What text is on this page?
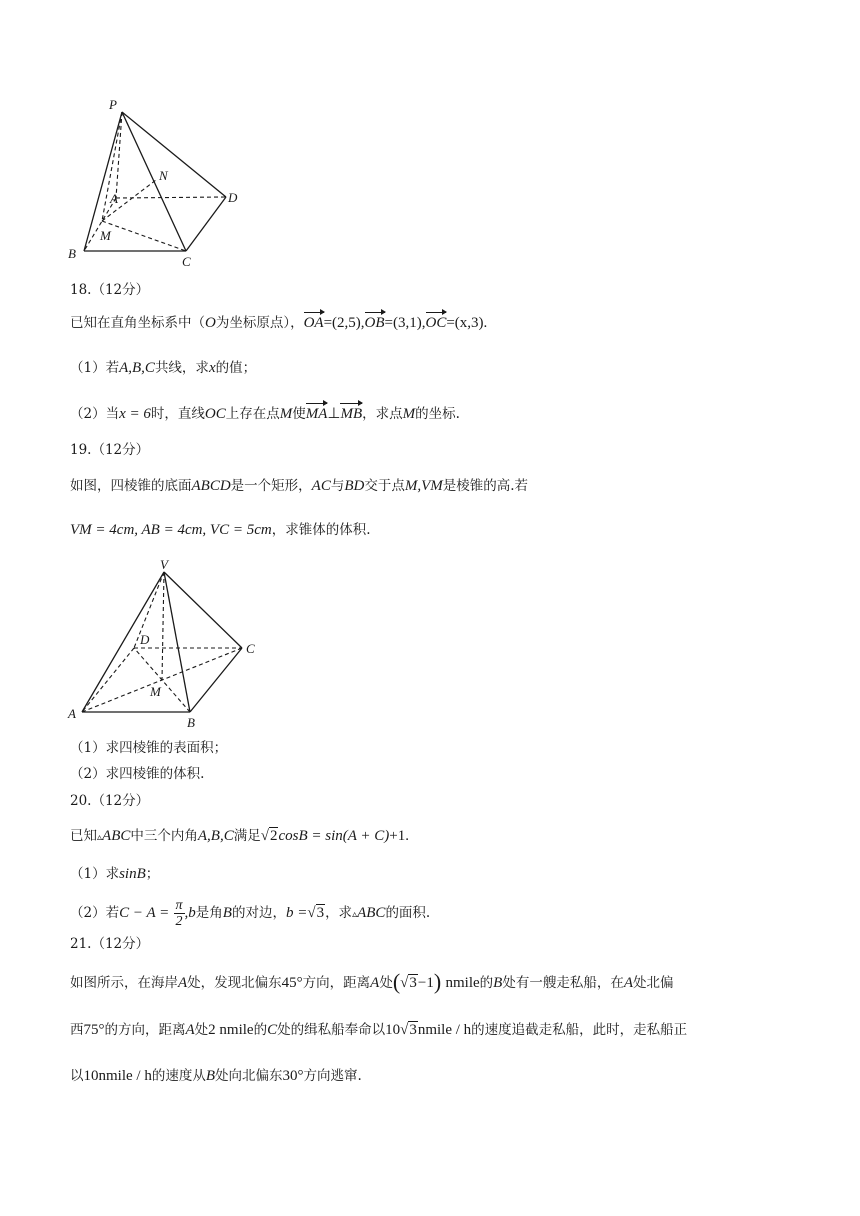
P
N
A	D
M
B
C
18.（12分）
已知在直角坐标系中（O为坐标原点），OA=(2,5),OB=(3,1),OC=(x,3).
（1）若A,B,C共线，求x的值；
（2）当x = 6时，直线OC上存在点M使MA⊥MB，求点M的坐标.
19.（12分）
如图，四棱锥的底面ABCD是一个矩形，AC与BD交于点M,VM是棱锥的高.若
VM = 4cm, AB = 4cm, VC = 5cm，求锥体的体积.
V
D
C
M
A
B
（1）求四棱锥的表面积；
（2）求四棱锥的体积.
20.（12分）
已知▵ABC中三个内角A,B,C满足√2cosB = sin(A + C)+1.
（1）求sinB；
（2）若$C - A = \frac{\pi}{2} ,b$是角B的对边，b =√3，求▵ABC的面积.
21.（12分）
如图所示，在海岸A处，发现北偏东45°方向，距离A处(√3−1) nmile的B处有一艘走私船，在A处北偏
西75°的方向，距离A处2 nmile的C处的缉私船奉命以10√3nmile / h的速度追截走私船，此时，走私船正
以10nmile / h的速度从B处向北偏东30°方向逃窜.
